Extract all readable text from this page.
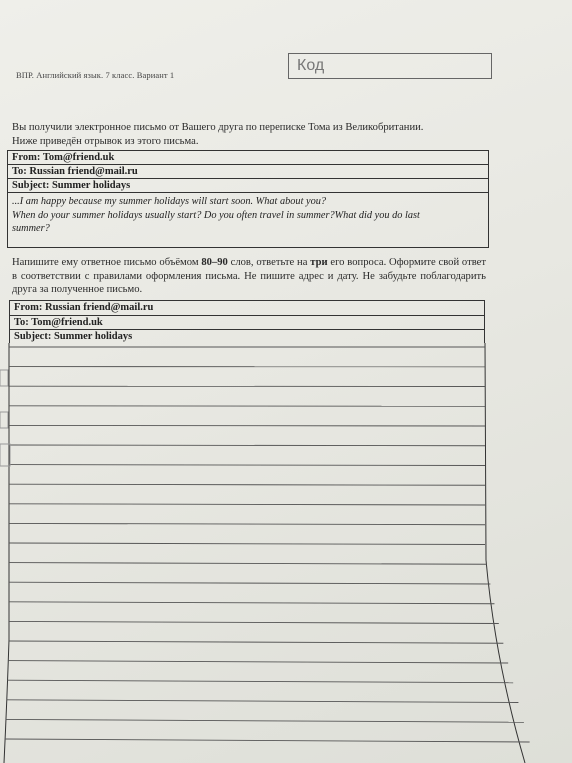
ВПР. Английский язык. 7 класс. Вариант 1
Код
Вы получили электронное письмо от Вашего друга по переписке Тома из Великобритании.
Ниже приведён отрывок из этого письма.
From: Tom@friend.uk
To: Russian friend@mail.ru
Subject: Summer holidays
...I am happy because my summer holidays will start soon. What about you?
When do your summer holidays usually start? Do you often travel in summer?What did you do last
summer?
Напишите ему ответное письмо объёмом 80–90 слов, ответьте на три его вопроса. Оформите свой ответ в соответствии с правилами оформления письма. Не пишите адрес и дату. Не забудьте поблагодарить друга за полученное письмо.
From: Russian friend@mail.ru
To: Tom@friend.uk
Subject: Summer holidays
